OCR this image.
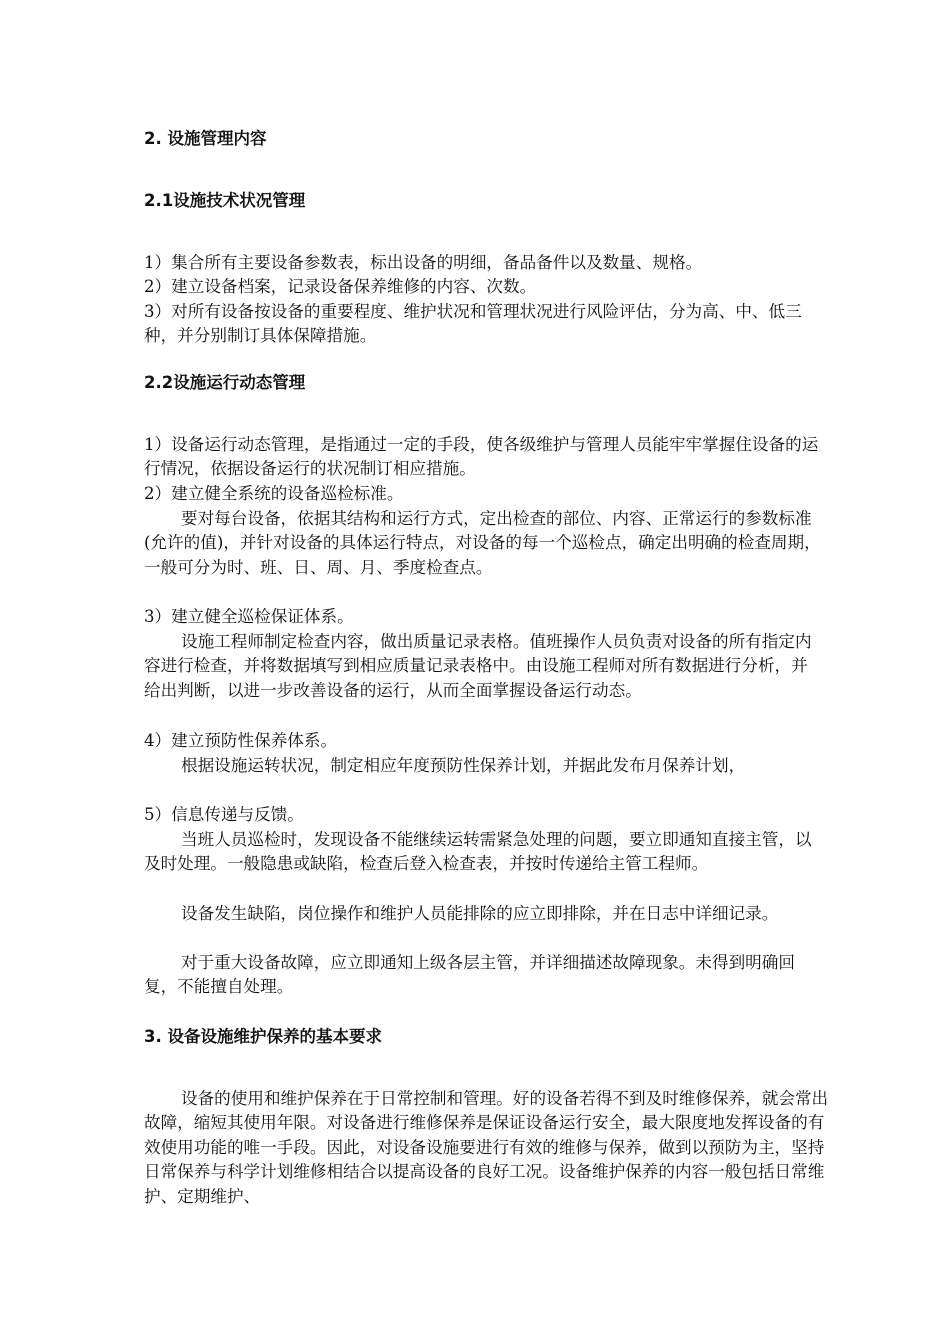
2. 设施管理内容
2.1设施技术状况管理

1）集合所有主要设备参数表，标出设备的明细，备品备件以及数量、规格。

2）建立设备档案，记录设备保养维修的内容、次数。

3）对所有设备按设备的重要程度、维护状况和管理状况进行风险评估，分为高、中、低三种，并分别制订具体保障措施。

2.2设施运行动态管理

1）设备运行动态管理，是指通过一定的手段，使各级维护与管理人员能牢牢掌握住设备的运行情况，依据设备运行的状况制订相应措施。

2）建立健全系统的设备巡检标准。

要对每台设备，依据其结构和运行方式，定出检查的部位、内容、正常运行的参数标准(允许的值)，并针对设备的具体运行特点，对设备的每一个巡检点，确定出明确的检查周期，一般可分为时、班、日、周、月、季度检查点。

3）建立健全巡检保证体系。

设施工程师制定检查内容，做出质量记录表格。值班操作人员负责对设备的所有指定内容进行检查，并将数据填写到相应质量记录表格中。由设施工程师对所有数据进行分析，并给出判断，以进一步改善设备的运行，从而全面掌握设备运行动态。

4）建立预防性保养体系。

根据设施运转状况，制定相应年度预防性保养计划，并据此发布月保养计划，

5）信息传递与反馈。

当班人员巡检时，发现设备不能继续运转需紧急处理的问题，要立即通知直接主管，以及时处理。一般隐患或缺陷，检查后登入检查表，并按时传递给主管工程师。

设备发生缺陷，岗位操作和维护人员能排除的应立即排除，并在日志中详细记录。

对于重大设备故障，应立即通知上级各层主管，并详细描述故障现象。未得到明确回复，不能擅自处理。

3. 设备设施维护保养的基本要求

设备的使用和维护保养在于日常控制和管理。好的设备若得不到及时维修保养，就会常出故障，缩短其使用年限。对设备进行维修保养是保证设备运行安全，最大限度地发挥设备的有效使用功能的唯一手段。因此，对设备设施要进行有效的维修与保养，做到以预防为主，坚持日常保养与科学计划维修相结合以提高设备的良好工况。设备维护保养的内容一般包括日常维护、定期维护、
